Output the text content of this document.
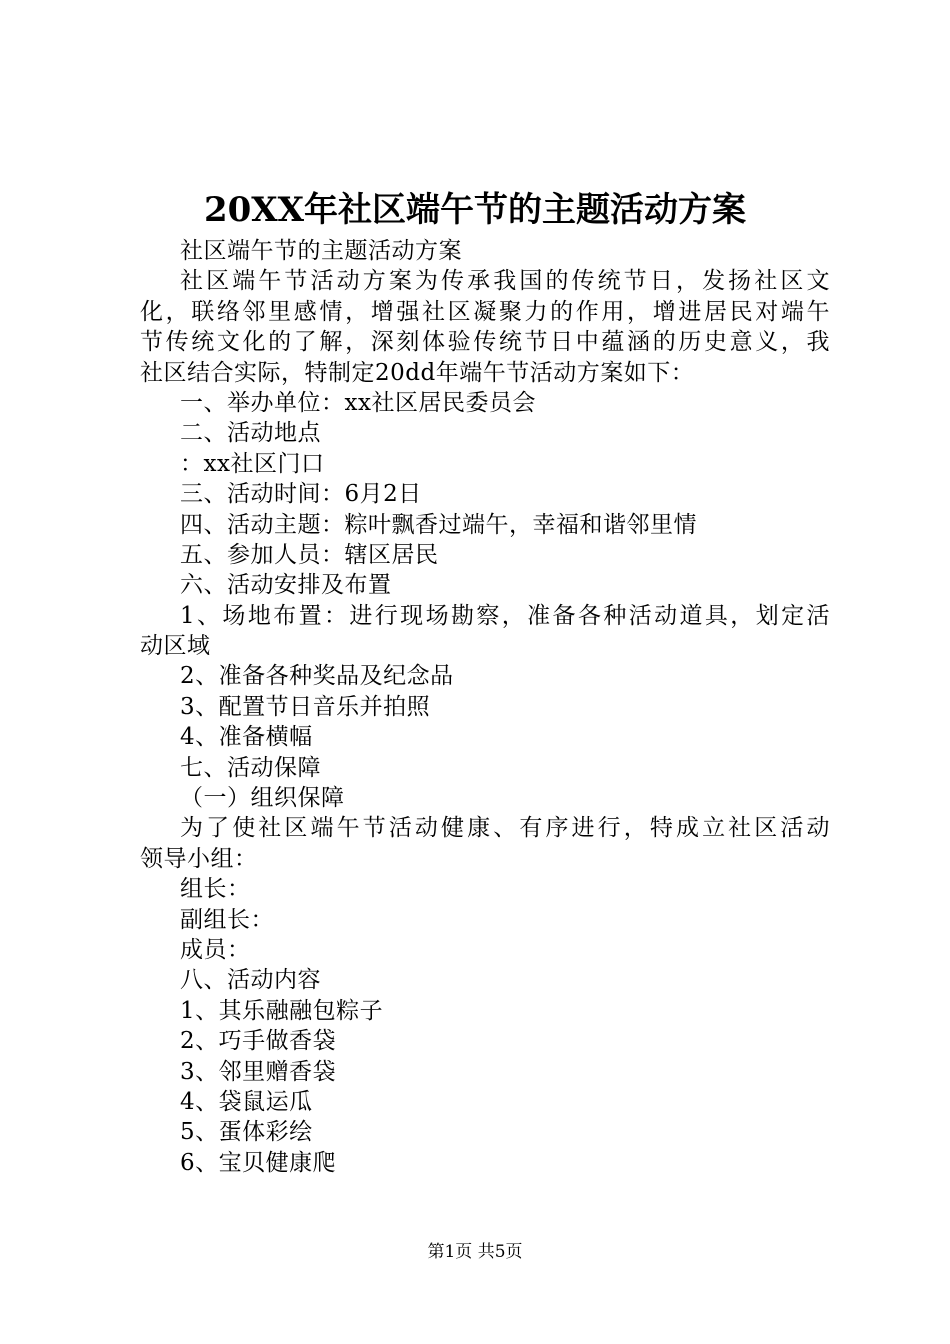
20XX年社区端午节的主题活动方案
社区端午节的主题活动方案
社区端午节活动方案为传承我国的传统节日，发扬社区文
化，联络邻里感情，增强社区凝聚力的作用，增进居民对端午
节传统文化的了解，深刻体验传统节日中蕴涵的历史意义，我
社区结合实际，特制定20dd年端午节活动方案如下：
一、举办单位：xx社区居民委员会
二、活动地点
：xx社区门口
三、活动时间：6月2日
四、活动主题：粽叶飘香过端午，幸福和谐邻里情
五、参加人员：辖区居民
六、活动安排及布置
1、场地布置：进行现场勘察，准备各种活动道具，划定活
动区域
2、准备各种奖品及纪念品
3、配置节日音乐并拍照
4、准备横幅
七、活动保障
（一）组织保障
为了使社区端午节活动健康、有序进行，特成立社区活动
领导小组：
组长：
副组长：
成员：
八、活动内容
1、其乐融融包粽子
2、巧手做香袋
3、邻里赠香袋
4、袋鼠运瓜
5、蛋体彩绘
6、宝贝健康爬
第1页 共5页
